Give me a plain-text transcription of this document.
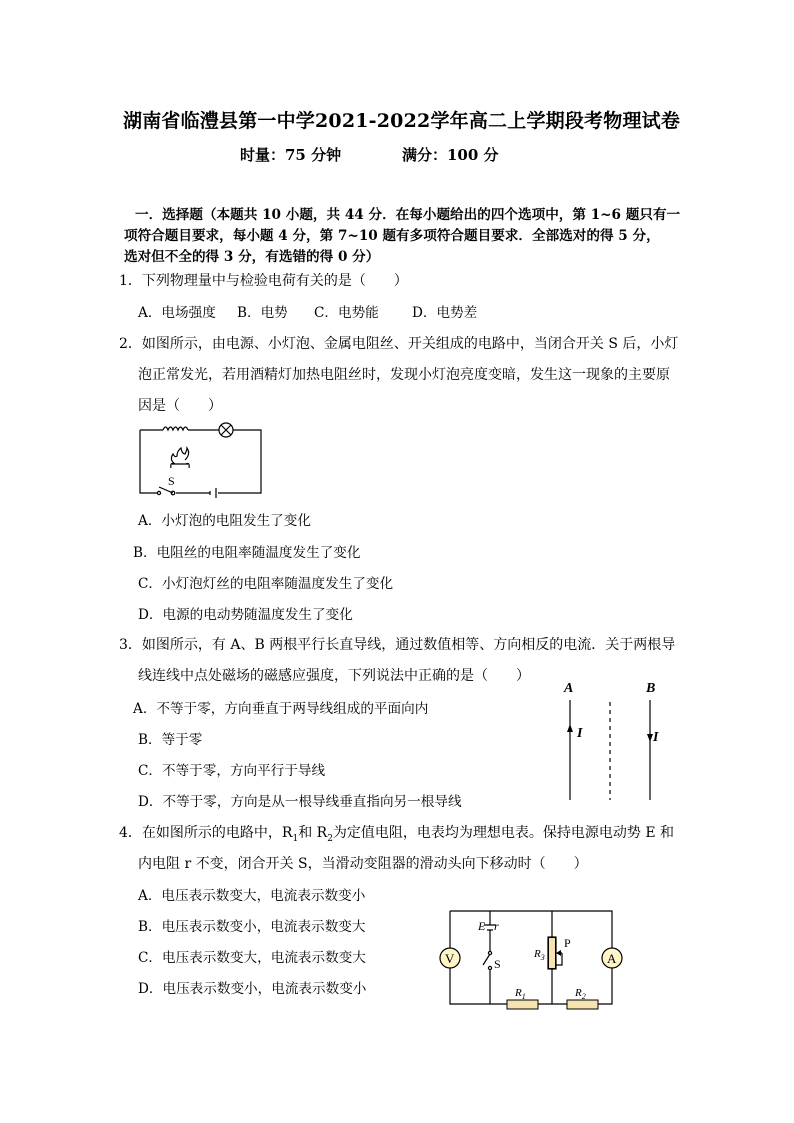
湖南省临澧县第一中学2021-2022学年高二上学期段考物理试卷
时量：75 分钟	满分：100 分
一．选择题（本题共 10 小题，共 44 分．在每小题给出的四个选项中，第 1~6 题只有一
项符合题目要求，每小题 4 分，第 7~10 题有多项符合题目要求．全部选对的得 5 分，
选对但不全的得 3 分，有选错的得 0 分）
1．下列物理量中与检验电荷有关的是（　　）
A．电场强度 B．电势 C．电势能 D．电势差
2．如图所示，由电源、小灯泡、金属电阻丝、开关组成的电路中，当闭合开关 S 后，小灯
泡正常发光，若用酒精灯加热电阻丝时，发现小灯泡亮度变暗，发生这一现象的主要原
因是（　　）
S
A．小灯泡的电阻发生了变化
B．电阻丝的电阻率随温度发生了变化
C．小灯泡灯丝的电阻率随温度发生了变化
D．电源的电动势随温度发生了变化
3．如图所示，有 A、B 两根平行长直导线，通过数值相等、方向相反的电流．关于两根导
线连线中点处磁场的磁感应强度，下列说法中正确的是（　　）
A	B
I	I
A．不等于零，方向垂直于两导线组成的平面向内
B．等于零
C．不等于零，方向平行于导线
D．不等于零，方向是从一根导线垂直指向另一根导线
4．在如图所示的电路中，$R_1$和 $R_2$为定值电阻，电表均为理想电表。保持电源电动势 E 和
内电阻 r 不变，闭合开关 S，当滑动变阻器的滑动头向下移动时（　　）
V	A
E r
S
P
$R_3$
$R_1$	$R_2$
A．电压表示数变大，电流表示数变小
B．电压表示数变小，电流表示数变大
C．电压表示数变大，电流表示数变大
D．电压表示数变小，电流表示数变小
